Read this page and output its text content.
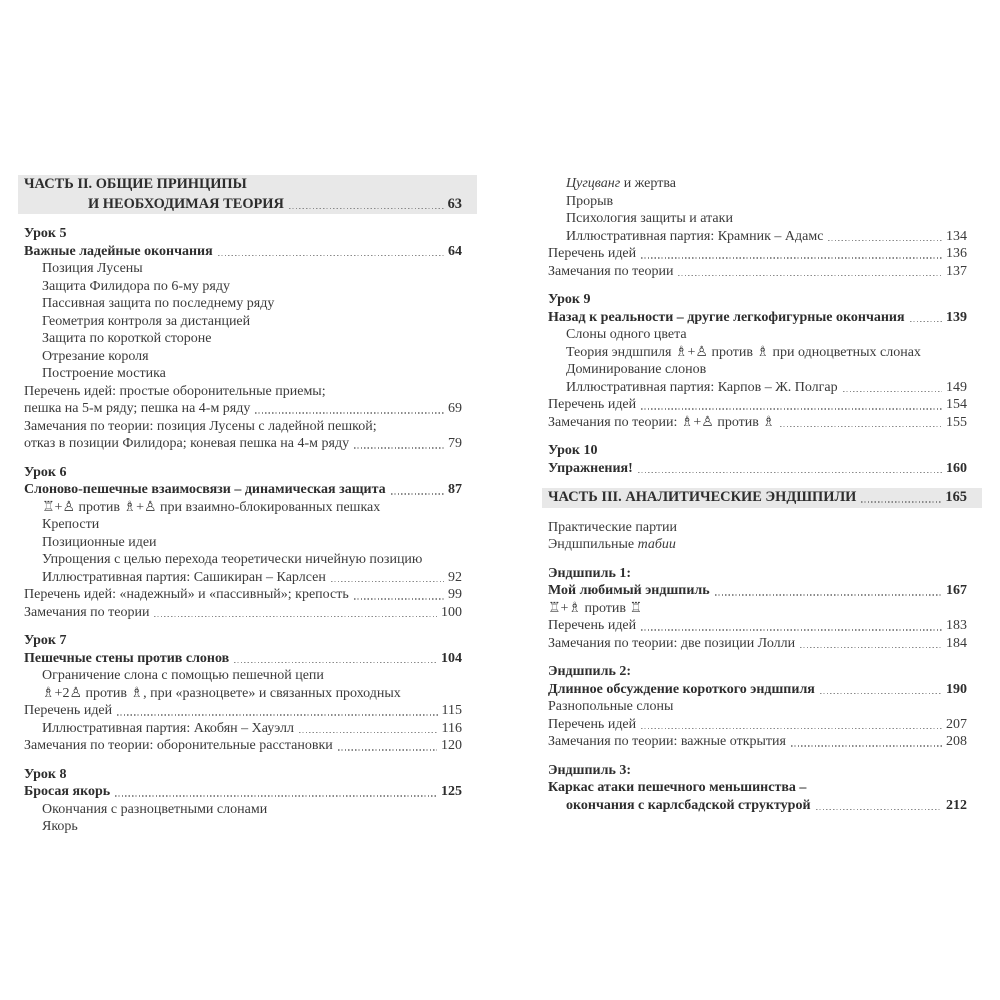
ЧАСТЬ II. ОБЩИЕ ПРИНЦИПЫ
И НЕОБХОДИМАЯ ТЕОРИЯ	63
Урок 5
Важные ладейные окончания	64
Позиция Лусены
Защита Филидора по 6-му ряду
Пассивная защита по последнему ряду
Геометрия контроля за дистанцией
Защита по короткой стороне
Отрезание короля
Построение мостика
Перечень идей: простые оборонительные приемы;
пешка на 5-м ряду; пешка на 4-м ряду	69
Замечания по теории: позиция Лусены с ладейной пешкой;
отказ в позиции Филидора; коневая пешка на 4-м ряду	79
Урок 6
Слоново-пешечные взаимосвязи – динамическая защита	87
♖+♙ против ♗+♙ при взаимно-блокированных пешках
Крепости
Позиционные идеи
Упрощения с целью перехода теоретически ничейную позицию
Иллюстративная партия: Сашикиран – Карлсен	92
Перечень идей: «надежный» и «пассивный»; крепость	99
Замечания по теории	100
Урок 7
Пешечные стены против слонов	104
Ограничение слона с помощью пешечной цепи
♗+2♙ против ♗, при «разноцвете» и связанных проходных
Перечень идей	115
Иллюстративная партия: Акобян – Хауэлл	116
Замечания по теории: оборонительные расстановки	120
Урок 8
Бросая якорь	125
Окончания с разноцветными слонами
Якорь
Цугцванг и жертва
Прорыв
Психология защиты и атаки
Иллюстративная партия: Крамник – Адамс	134
Перечень идей	136
Замечания по теории	137
Урок 9
Назад к реальности – другие легкофигурные окончания	139
Слоны одного цвета
Теория эндшпиля ♗+♙ против ♗ при одноцветных слонах
Доминирование слонов
Иллюстративная партия: Карпов – Ж. Полгар	149
Перечень идей	154
Замечания по теории: ♗+♙ против ♗	155
Урок 10
Упражнения!	160
ЧАСТЬ III. АНАЛИТИЧЕСКИЕ ЭНДШПИЛИ	165
Практические партии
Эндшпильные табии
Эндшпиль 1:
Мой любимый эндшпиль	167
♖+♗ против ♖
Перечень идей	183
Замечания по теории: две позиции Лолли	184
Эндшпиль 2:
Длинное обсуждение короткого эндшпиля	190
Разнопольные слоны
Перечень идей	207
Замечания по теории: важные открытия	208
Эндшпиль 3:
Каркас атаки пешечного меньшинства –
окончания с карлсбадской структурой	212
